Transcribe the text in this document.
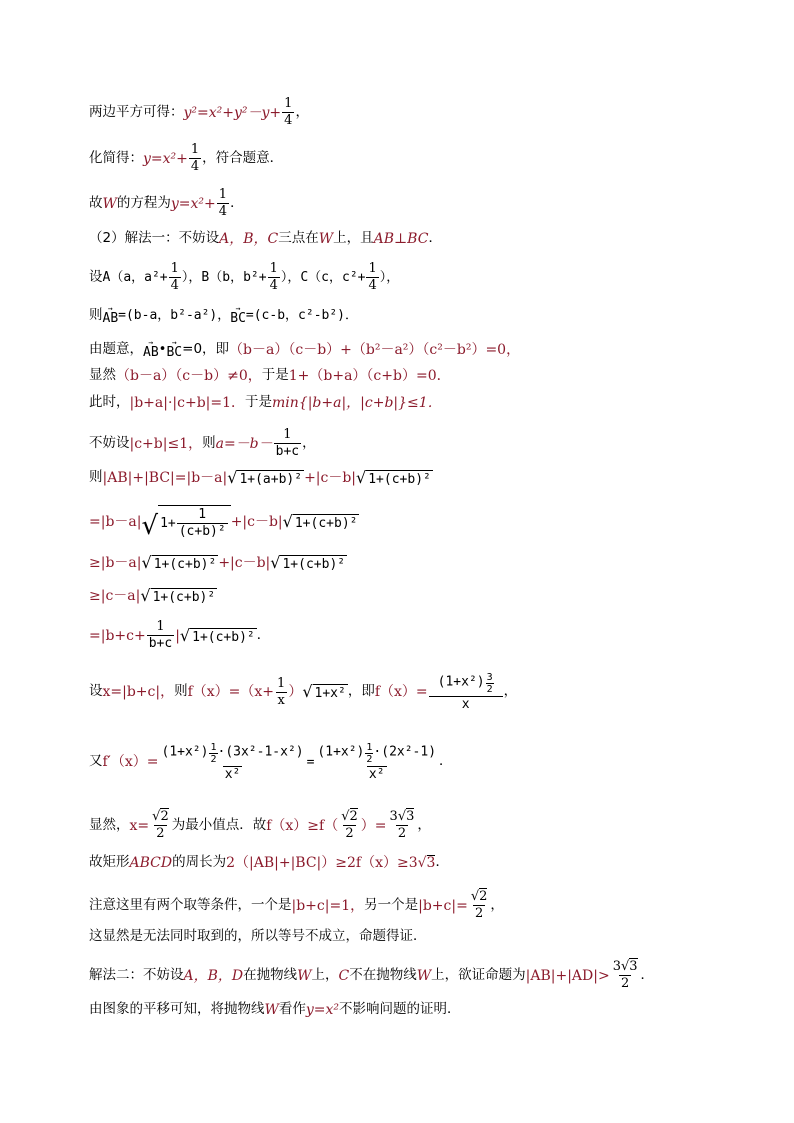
两边平方可得： $y^2=x^2+y^2-y+ \frac{1}{4}$ ，
化简得： $y=x^2+ \frac{1}{4}$ ，符合题意．
故 W 的方程为 $y=x^2+ \frac{1}{4}$ ．
（2）解法一：不妨设 A，B，C 三点在 W 上，且 AB⊥BC ．
设 A（a，$a^2+ \frac{1}{4}$ ），B（b，$b^2+ \frac{1}{4}$ ），C（c，$c^2+ \frac{1}{4}$ ），
则 →
AB =(b-a，b²-a²)， →
BC =(c-b，c²-b²)．
由题意， →
AB • →
BC =0，即 （b－a）（c－b）+（b²－a²）（c²－b²）=0，
显然 （b－a）（c－b）≠0， 于是 1+（b+a）（c+b）=0．
此时， |b+a|·|c+b|=1． 于是 min{|b+a|，|c+b|}≤1．
不妨设 |c+b|≤1， 则 $a=-b- \frac{1}{b+c}$ ，
则 |AB|+|BC|=|b－a| √ 1+(a+b)² +|c－b| √ 1+(c+b)²
=|b－a| √ $1+ \frac{1}{\text{(c+b)²}} +|c-b|$ √ 1+(c+b)²
≥|b－a| √ 1+(c+b)² +|c－b| √ 1+(c+b)²
≥|c－a| √ 1+(c+b)²
$=|b+c+ \frac{1}{b+c}$ | √ 1+(c+b)² ．
设 x=|b+c|， 则 $f(x)=(x+ \frac{1}{x}$ ） √ 1+x² ，即 $f(x)= \frac{(1+x^2) \frac{3}{2}}{x}$ ，
又 $f'(x)= \frac{(1+x^2) \frac{1}{2} \cdot(3x^2-1-x^2)}{\text{x²}} = \frac{(1+x^2) \frac{1}{2} \cdot(2x^2-1)}{\text{x²}}$ ．
显然， $x= \frac{√2}{2}$ 为最小值点．故 $f(x)\ge f( \frac{√2}{2}$ ）= $\frac{3√3}{2}$ ，
故矩形 ABCD 的周长为 2（|AB|+|BC|）≥2f（x）≥3 √ 3 ．
注意这里有两个取等条件，一个是 |b+c|=1， 另一个是 $|b+c|= \frac{√2}{2}$ ，
这显然是无法同时取到的，所以等号不成立，命题得证．
解法二：不妨设 A，B，D 在抛物线 W 上， C 不在抛物线 W 上，欲证命题为 $|AB|+|AD|> \frac{3√3}{2}$ ．
由图象的平移可知，将抛物线 W 看作 y=x² 不影响问题的证明．
